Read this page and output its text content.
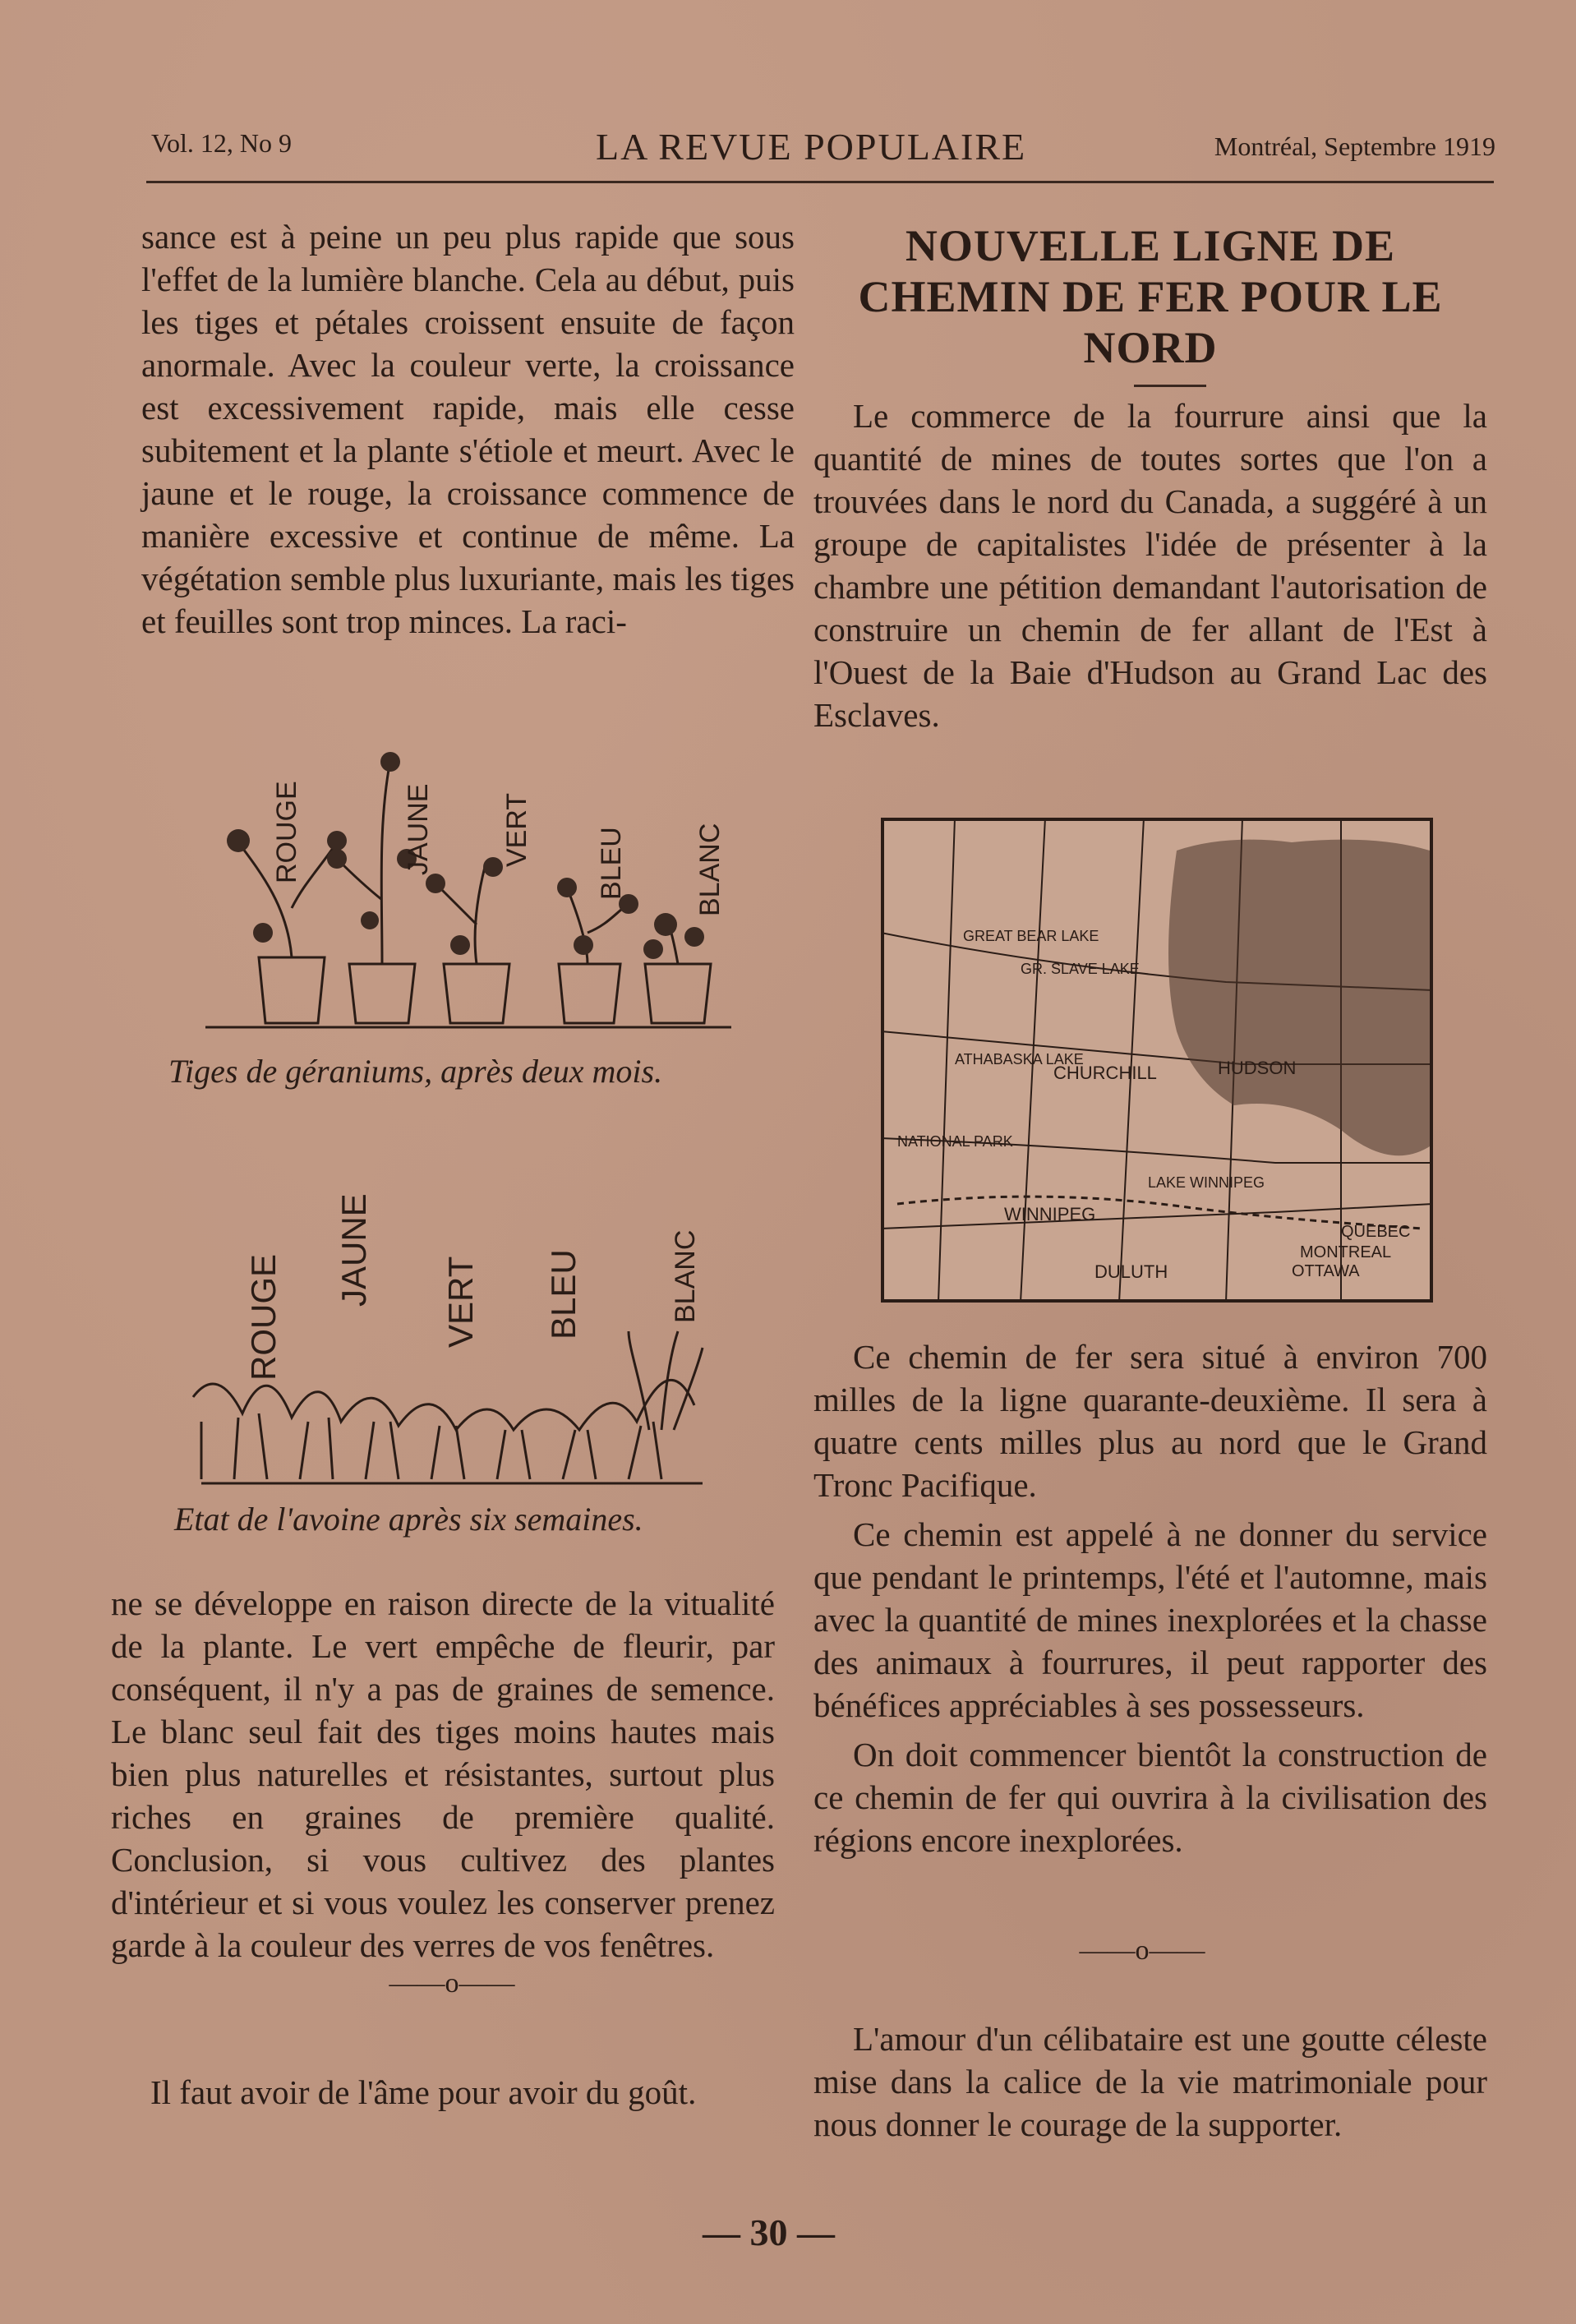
Vol. 12, No 9	LA REVUE POPULAIRE	Montréal, Septembre 1919

sance est à peine un peu plus rapide que sous l'effet de la lumière blanche. Cela au début, puis les tiges et pétales croissent ensuite de façon anormale. Avec la couleur verte, la croissance est excessivement rapide, mais elle cesse subitement et la plante s'étiole et meurt. Avec le jaune et le rouge, la croissance commence de manière excessive et continue de même. La végétation semble plus luxuriante, mais les tiges et feuilles sont trop minces. La raci-

ROUGE	JAUNE VERT BLEU BLANC
Tiges de géraniums, après deux mois.
ROUGE
JAUNE VERT BLEU	BLANC
Etat de l'avoine après six semaines.

ne se développe en raison directe de la vitualité de la plante. Le vert empêche de fleurir, par conséquent, il n'y a pas de graines de semence. Le blanc seul fait des tiges moins hautes mais bien plus naturelles et résistantes, surtout plus riches en graines de première qualité. Conclusion, si vous cultivez des plantes d'intérieur et si vous voulez les conserver prenez garde à la couleur des verres de vos fenêtres.

——o——

Il faut avoir de l'âme pour avoir du goût.

NOUVELLE LIGNE DE CHEMIN DE FER POUR LE NORD

Le commerce de la fourrure ainsi que la quantité de mines de toutes sortes que l'on a trouvées dans le nord du Canada, a suggéré à un groupe de capitalistes l'idée de présenter à la chambre une pétition demandant l'autorisation de construire un chemin de fer allant de l'Est à l'Ouest de la Baie d'Hudson au Grand Lac des Esclaves.

GREAT BEAR LAKE
GR. SLAVE LAKE
ATHABASKA LAKE
CHURCHILL	HUDSON
NATIONAL PARK
LAKE WINNIPEG
WINNIPEG
DULUTH
QUEBEC
MONTREAL
OTTAWA

Ce chemin de fer sera situé à environ 700 milles de la ligne quarante-deuxième. Il sera à quatre cents milles plus au nord que le Grand Tronc Pacifique.

Ce chemin est appelé à ne donner du service que pendant le printemps, l'été et l'automne, mais avec la quantité de mines inexplorées et la chasse des animaux à fourrures, il peut rapporter des bénéfices appréciables à ses possesseurs.

On doit commencer bientôt la construction de ce chemin de fer qui ouvrira à la civilisation des régions encore inexplorées.

——o——

L'amour d'un célibataire est une goutte céleste mise dans la calice de la vie matrimoniale pour nous donner le courage de la supporter.

— 30 —
